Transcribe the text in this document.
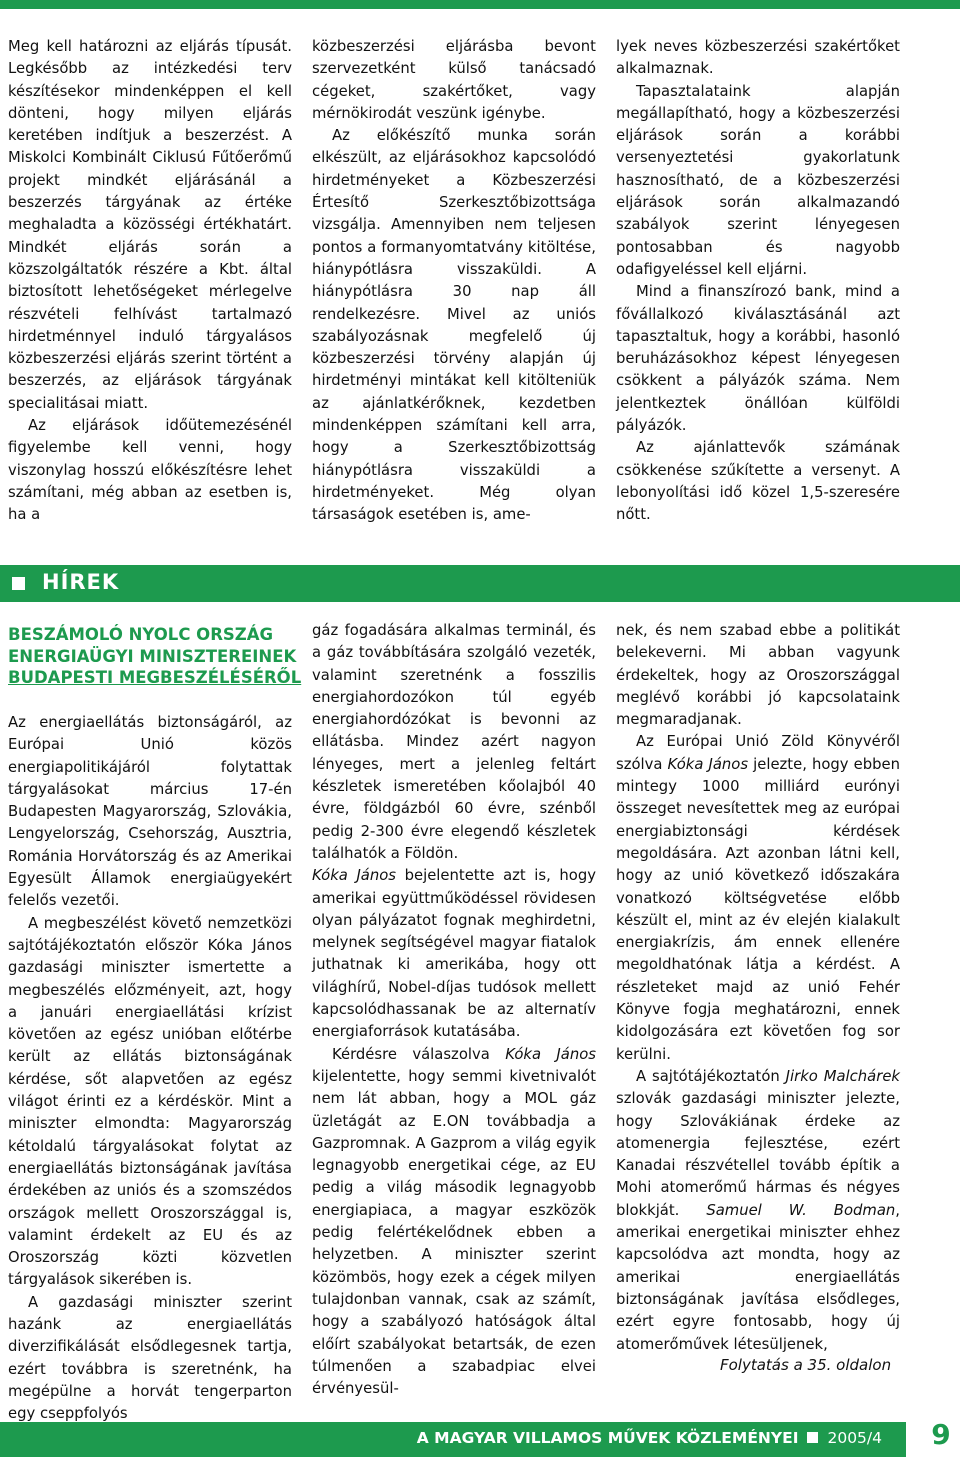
Meg kell határozni az eljárás típusát. Legkésőbb az intézkedési terv készítésekor mindenképpen el kell dönteni, hogy milyen eljárás keretében indítjuk a beszerzést. A Miskolci Kombinált Ciklusú Fűtőerőmű projekt mindkét eljárásánál a beszerzés tárgyának az értéke meghaladta a közösségi értékhatárt. Mindkét eljárás során a közszolgáltatók részére a Kbt. által biztosított lehetőségeket mérlegelve részvételi felhívást tartalmazó hirdetménnyel induló tárgyalásos közbeszerzési eljárás szerint történt a beszerzés, az eljárások tárgyának specialitásai miatt.

Az eljárások időütemezésénél figyelembe kell venni, hogy viszonylag hosszú előkészítésre lehet számítani, még abban az esetben is, ha a

közbeszerzési eljárásba bevont szervezetként külső tanácsadó cégeket, szakértőket, vagy mérnökirodát veszünk igénybe.

Az előkészítő munka során elkészült, az eljárásokhoz kapcsolódó hirdetményeket a Közbeszerzési Értesítő Szerkesztőbizottsága vizsgálja. Amennyiben nem teljesen pontos a formanyomtatvány kitöltése, hiánypótlásra visszaküldi. A hiánypótlásra 30 nap áll rendelkezésre. Mivel az uniós szabályozásnak megfelelő új közbeszerzési törvény alapján új hirdetményi mintákat kell kitölteniük az ajánlatkérőknek, kezdetben mindenképpen számítani kell arra, hogy a Szerkesztőbizottság hiánypótlásra visszaküldi a hirdetményeket. Még olyan társaságok esetében is, ame-

lyek neves közbeszerzési szakértőket alkalmaznak.

Tapasztalataink alapján megállapítható, hogy a közbeszerzési eljárások során a korábbi versenyeztetési gyakorlatunk hasznosítható, de a közbeszerzési eljárások során alkalmazandó szabályok szerint lényegesen pontosabban és nagyobb odafigyeléssel kell eljárni.

Mind a finanszírozó bank, mind a fővállalkozó kiválasztásánál azt tapasztaltuk, hogy a korábbi, hasonló beruházásokhoz képest lényegesen csökkent a pályázók száma. Nem jelentkeztek önállóan külföldi pályázók.

Az ajánlattevők számának csökkenése szűkítette a versenyt. A lebonyolítási idő közel 1,5-szeresére nőtt.

HÍREK
BESZÁMOLÓ NYOLC ORSZÁG
ENERGIAÜGYI MINISZTEREINEK
BUDAPESTI MEGBESZÉLÉSÉRŐL

Az energiaellátás biztonságáról, az Európai Unió közös energiapolitikájáról folytattak tárgyalásokat március 17-én Budapesten Magyarország, Szlovákia, Lengyelország, Csehország, Ausztria, Románia Horvátország és az Amerikai Egyesült Államok energiaügyekért felelős vezetői.

A megbeszélést követő nemzetközi sajtótájékoztatón először Kóka János gazdasági miniszter ismertette a megbeszélés előzményeit, azt, hogy a januári energiaellátási krízist követően az egész unióban előtérbe került az ellátás biztonságának kérdése, sőt alapvetően az egész világot érinti ez a kérdéskör. Mint a miniszter elmondta: Magyarország kétoldalú tárgyalásokat folytat az energiaellátás biztonságának javítása érdekében az uniós és a szomszédos országok mellett Oroszországgal is, valamint érdekelt az EU és az Oroszország közti közvetlen tárgyalások sikerében is.

A gazdasági miniszter szerint hazánk az energiaellátás diverzifikálását elsődlegesnek tartja, ezért továbbra is szeretnénk, ha megépülne a horvát tengerparton egy cseppfolyós

gáz fogadására alkalmas terminál, és a gáz továbbítására szolgáló vezeték, valamint szeretnénk a fosszilis energiahordozókon túl egyéb energiahordózókat is bevonni az ellátásba. Mindez azért nagyon lényeges, mert a jelenleg feltárt készletek ismeretében kőolajból 40 évre, földgázból 60 évre, szénből pedig 2-300 évre elegendő készletek találhatók a Földön.

Kóka János bejelentette azt is, hogy amerikai együttműködéssel rövidesen olyan pályázatot fognak meghirdetni, melynek segítségével magyar fiatalok juthatnak ki amerikába, hogy ott világhírű, Nobel-díjas tudósok mellett kapcsolódhassanak be az alternatív energiaforrások kutatásába.

Kérdésre válaszolva Kóka János kijelentette, hogy semmi kivetnivalót nem lát abban, hogy a MOL gáz üzletágát az E.ON továbbadja a Gazpromnak. A Gazprom a világ egyik legnagyobb energetikai cége, az EU pedig a világ második legnagyobb energiapiaca, a magyar eszközök pedig felértékelődnek ebben a helyzetben. A miniszter szerint közömbös, hogy ezek a cégek milyen tulajdonban vannak, csak az számít, hogy a szabályozó hatóságok által előírt szabályokat betartsák, de ezen túlmenően a szabadpiac elvei érvényesül-

nek, és nem szabad ebbe a politikát belekeverni. Mi abban vagyunk érdekeltek, hogy az Oroszországgal meglévő korábbi jó kapcsolataink megmaradjanak.

Az Európai Unió Zöld Könyvéről szólva Kóka János jelezte, hogy ebben mintegy 1000 milliárd eurónyi összeget nevesítettek meg az európai energiabiztonsági kérdések megoldására. Azt azonban látni kell, hogy az unió következő időszakára vonatkozó költségvetése előbb készült el, mint az év elején kialakult energiakrízis, ám ennek ellenére megoldhatónak látja a kérdést. A részleteket majd az unió Fehér Könyve fogja meghatározni, ennek kidolgozására ezt követően fog sor kerülni.

A sajtótájékoztatón Jirko Malchárek szlovák gazdasági miniszter jelezte, hogy Szlovákiának érdeke az atomenergia fejlesztése, ezért Kanadai részvétellel tovább építik a Mohi atomerőmű hármas és négyes blokkját. Samuel W. Bodman, amerikai energetikai miniszter ehhez kapcsolódva azt mondta, hogy az amerikai energiaellátás biztonságának javítása elsődleges, ezért egyre fontosabb, hogy új atomerőművek létesüljenek,

Folytatás a 35. oldalon
A MAGYAR VILLAMOS MŰVEK KÖZLEMÉNYEI 2005/4	9
